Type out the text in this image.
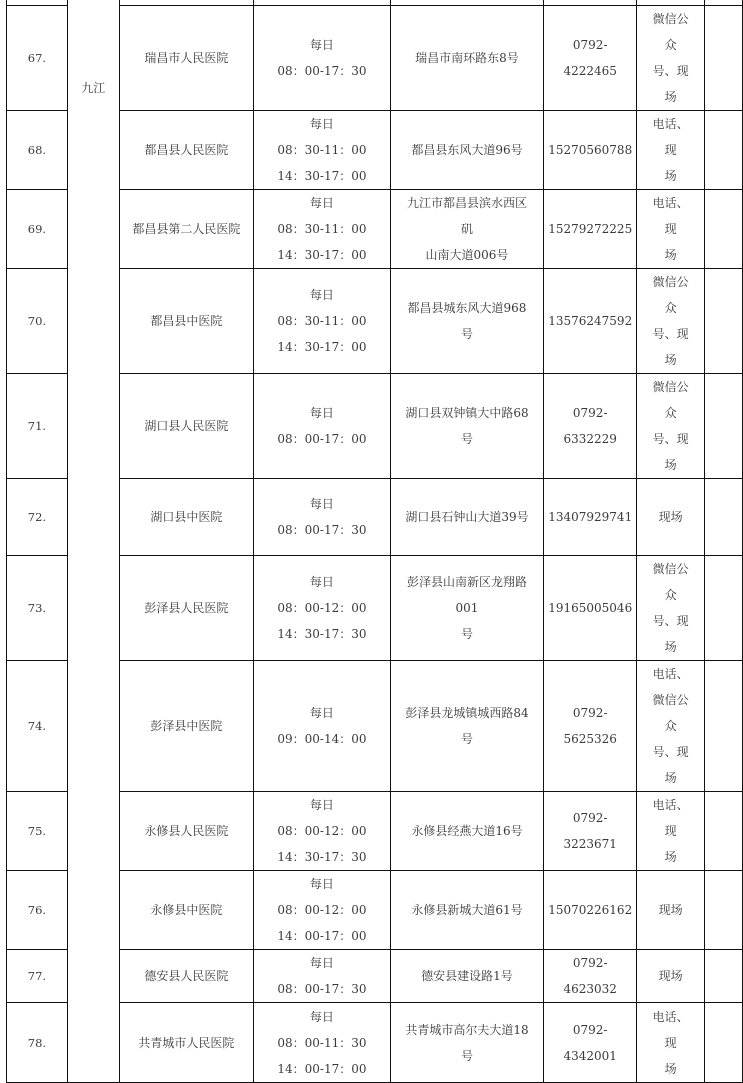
	九江						

67.		瑞昌市人民医院	每日
08：00-17：30	瑞昌市南环路东8号	0792-4222465	微信公众
号、现场	

68.		都昌县人民医院	每日
08：30-11：00
14：30-17：00	都昌县东风大道96号	15270560788	电话、现
场	

69.		都昌县第二人民医院	每日
08：30-11：00
14：30-17：00	九江市都昌县滨水西区矶
山南大道006号	15279272225	电话、现
场	

70.		都昌县中医院	每日
08：30-11：00
14：30-17：00	都昌县城东风大道968号	13576247592	微信公众
号、现场	

71.		湖口县人民医院	每日
08：00-17：00	湖口县双钟镇大中路68号	0792-6332229	微信公众
号、现场	

72.		湖口县中医院	每日
08：00-17：30	湖口县石钟山大道39号	13407929741	现场	

73.		彭泽县人民医院	每日
08：00-12：00
14：30-17：30	彭泽县山南新区龙翔路001
号	19165005046	微信公众
号、现场	

74.		彭泽县中医院	每日
09：00-14：00	彭泽县龙城镇城西路84号	0792-5625326	电话、
微信公众
号、现场	

75.		永修县人民医院	每日
08：00-12：00
14：30-17：30	永修县经燕大道16号	0792-3223671	电话、现
场	

76.		永修县中医院	每日
08：00-12：00
14：00-17：00	永修县新城大道61号	15070226162	现场	

77.		德安县人民医院	每日
08：00-17：30	德安县建设路1号	0792-4623032	现场	

78.		共青城市人民医院	每日
08：00-11：30
14：00-17：00	共青城市高尔夫大道18号	0792-4342001	电话、现
场	
